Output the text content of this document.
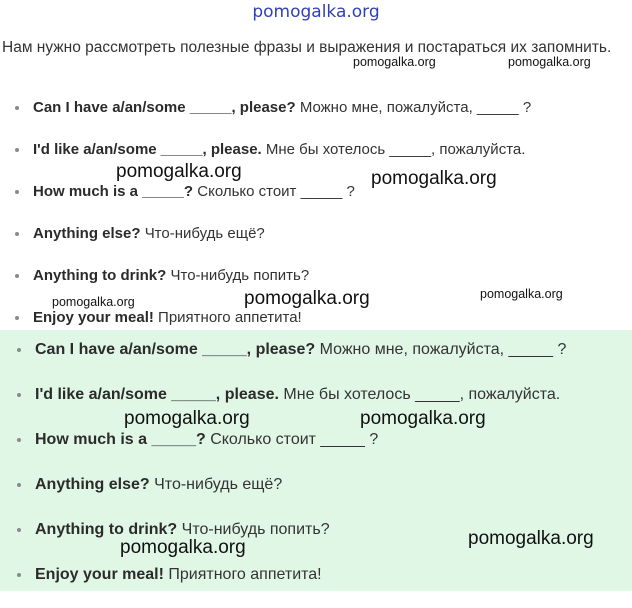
pomogalka.org
Нам нужно рассмотреть полезные фразы и выражения и постараться их запомнить.
Can I have a/an/some _____, please? Можно мне, пожалуйста, _____ ?
I'd like a/an/some _____, please. Мне бы хотелось _____, пожалуйста.
How much is a _____? Сколько стоит _____ ?
Anything else? Что-нибудь ещё?
Anything to drink? Что-нибудь попить?
Enjoy your meal! Приятного аппетита!
Can I have a/an/some _____, please? Можно мне, пожалуйста, _____ ?
I'd like a/an/some _____, please. Мне бы хотелось _____, пожалуйста.
How much is a _____? Сколько стоит _____ ?
Anything else? Что-нибудь ещё?
Anything to drink? Что-нибудь попить?
Enjoy your meal! Приятного аппетита!
pomogalka.org	pomogalka.org
pomogalka.org	pomogalka.org
pomogalka.org	pomogalka.org	pomogalka.org
pomogalka.org	pomogalka.org
pomogalka.org	pomogalka.org
